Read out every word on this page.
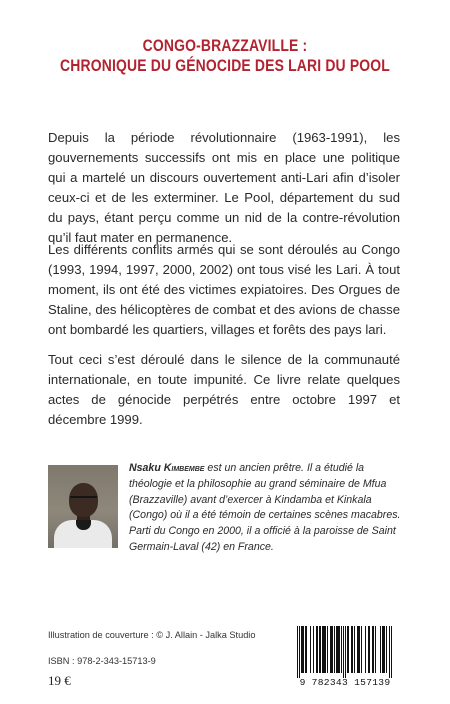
CONGO-BRAZZAVILLE :
CHRONIQUE DU GÉNOCIDE DES LARI DU POOL

Depuis la période révolutionnaire (1963-1991), les gouvernements successifs ont mis en place une politique qui a martelé un discours ouvertement anti-Lari afin d’isoler ceux-ci et de les exterminer. Le Pool, département du sud du pays, étant perçu comme un nid de la contre-révolution qu’il faut mater en permanence.

Les différents conflits armés qui se sont déroulés au Congo (1993, 1994, 1997, 2000, 2002) ont tous visé les Lari. À tout moment, ils ont été des victimes expiatoires. Des Orgues de Staline, des hélicoptères de combat et des avions de chasse ont bombardé les quartiers, villages et forêts des pays lari.

Tout ceci s’est déroulé dans le silence de la communauté internationale, en toute impunité. Ce livre relate quelques actes de génocide perpétrés entre octobre 1997 et décembre 1999.

Nsaku Kimbembe est un ancien prêtre. Il a étudié la théologie et la philosophie au grand séminaire de Mfua (Brazzaville) avant d’exercer à Kindamba et Kinkala (Congo) où il a été témoin de certaines scènes macabres. Parti du Congo en 2000, il a officié à la paroisse de Saint Germain-Laval (42) en France.
Illustration de couverture : © J. Allain - Jalka Studio
ISBN : 978-2-343-15713-9
19 €	9 782343 157139
